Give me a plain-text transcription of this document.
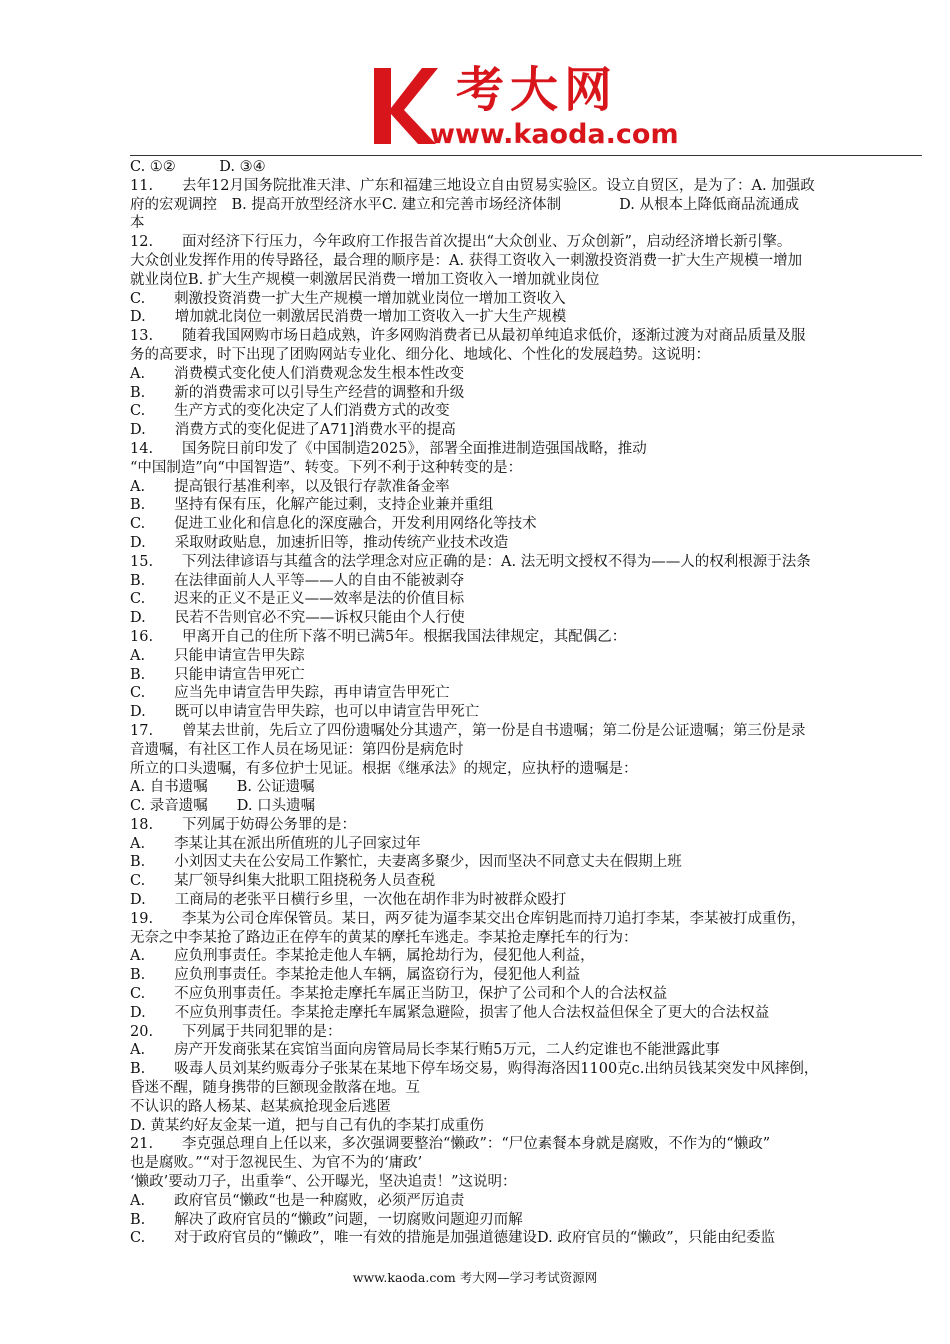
考大网
www.kaoda.com
C. ①②　　　D. ③④
11.　　去年12月国务院批准天津、广东和福建三地设立自由贸易实验区。设立自贸区，是为了：A. 加强政
府的宏观调控　B. 提高开放型经济水平C. 建立和完善市场经济体制　　　　D. 从根本上降低商品流通成
本
12.　　面对经济下行压力，今年政府工作报告首次提出“大众创业、万众创新”，启动经济增长新引擎。
大众创业发挥作用的传导路径，最合理的顺序是：A. 获得工资收入一刺激投资消费一扩大生产规模一增加
就业岗位B. 扩大生产规模一刺激居民消费一增加工资收入一增加就业岗位
C.　　刺激投资消费一扩大生产规模一增加就业岗位一增加工资收入
D.　　增加就北岗位一刺激居民消费一增加工资收入一扩大生产规模
13.　　随着我国网购市场日趋成熟，许多网购消费者已从最初单纯追求低价，逐渐过渡为对商品质量及服
务的高要求，时下出现了团购网站专业化、细分化、地域化、个性化的发展趋势。这说明：
A.　　消费模式变化使人们消费观念发生根本性改变
B.　　新的消费需求可以引导生产经营的调整和升级
C.　　生产方式的变化决定了人们消费方式的改变
D.　　消费方式的变化促进了A71]消费水平的提高
14.　　国务院日前印发了《中国制造2025》，部署全面推进制造强国战略，推动
“中国制造”向“中国智造”、转变。下列不利于这种转变的是：
A.　　提高银行基准利率，以及银行存款准备金率
B.　　坚持有保有压，化解产能过剩，支持企业兼并重组
C.　　促进工业化和信息化的深度融合，开发利用网络化等技术
D.　　采取财政贴息，加速折旧等，推动传统产业技术改造
15.　　下列法律谚语与其蕴含的法学理念对应正确的是：A. 法无明文授权不得为——人的权利根源于法条
B.　　在法律面前人人平等——人的自由不能被剥夺
C.　　迟来的正义不是正义——效率是法的价值目标
D.　　民若不告则官必不究——诉权只能由个人行使
16.　　甲离开自己的住所下落不明已满5年。根据我国法律规定，其配偶乙：
A.　　只能申请宣告甲失踪
B.　　只能申请宣告甲死亡
C.　　应当先申请宣告甲失踪，再申请宣告甲死亡
D.　　既可以申请宣告甲失踪，也可以申请宣告甲死亡
17.　　曾某去世前，先后立了四份遗嘱处分其遗产，第一份是自书遗嘱；第二份是公证遗嘱；第三份是录
音遗嘱，有社区工作人员在场见证：第四份是病危时
所立的口头遗嘱，有多位护士见证。根据《继承法》的规定，应执杼的遗嘱是：
A. 自书遗嘱　　B. 公证遗嘱
C. 录音遗嘱　　D. 口头遗嘱
18.　　下列属于妨碍公务罪的是：
A.　　李某让其在派出所值班的儿子回家过年
B.　　小刘因丈夫在公安局工作繁忙，夫妻离多聚少，因而坚决不同意丈夫在假期上班
C.　　某厂领导纠集大批职工阻挠税务人员查税
D.　　工商局的老张平日横行乡里，一次他在胡作非为时被群众殴打
19.　　李某为公司仓库保管员。某日，两歹徒为逼李某交出仓库钥匙而持刀追打李某，李某被打成重伤，
无奈之中李某抢了路边正在停车的黄某的摩托车逃走。李某抢走摩托车的行为：
A.　　应负刑事责任。李某抢走他人车辆，属抢劫行为，侵犯他人利益，
B.　　应负刑事责任。李某抢走他人车辆，属盗窃行为，侵犯他人利益
C.　　不应负刑事责任。李某抢走摩托车属正当防卫，保护了公司和个人的合法权益
D.　　不应负刑事责任。李某抢走摩托车属紧急避险，损害了他人合法权益但保全了更大的合法权益
20.　　下列属于共同犯罪的是：
A.　　房产开发商张某在宾馆当面向房管局局长李某行贿5万元，二人约定谁也不能泄露此事
B.　　吸毒人员刘某约贩毒分子张某在某地下停车场交易，购得海洛因1100克c.出纳员钱某突发中风摔倒，
昏迷不醒，随身携带的巨额现金散落在地。互
不认识的路人杨某、赵某疯抢现金后逃匿
D. 黄某约好友金某一道，把与自己有仇的李某打成重伤
21.　　李克强总理自上任以来，多次强调要整治“懒政”：“尸位素餐本身就是腐败，不作为的“懒政”
也是腐败。”“对于忽视民生、为官不为的‘庸政’
‘懒政’要动刀子，出重拳“、公开曝光，坚决追责！”这说明：
A.　　政府官员“懒政“也是一种腐败，必须严厉追责
B.　　解决了政府官员的“懒政”问题，一切腐败问题迎刃而解
C.　　对于政府官员的“懒政”，唯一有效的措施是加强道德建设D. 政府官员的“懒政”，只能由纪委监
www.kaoda.com 考大网—学习考试资源网
